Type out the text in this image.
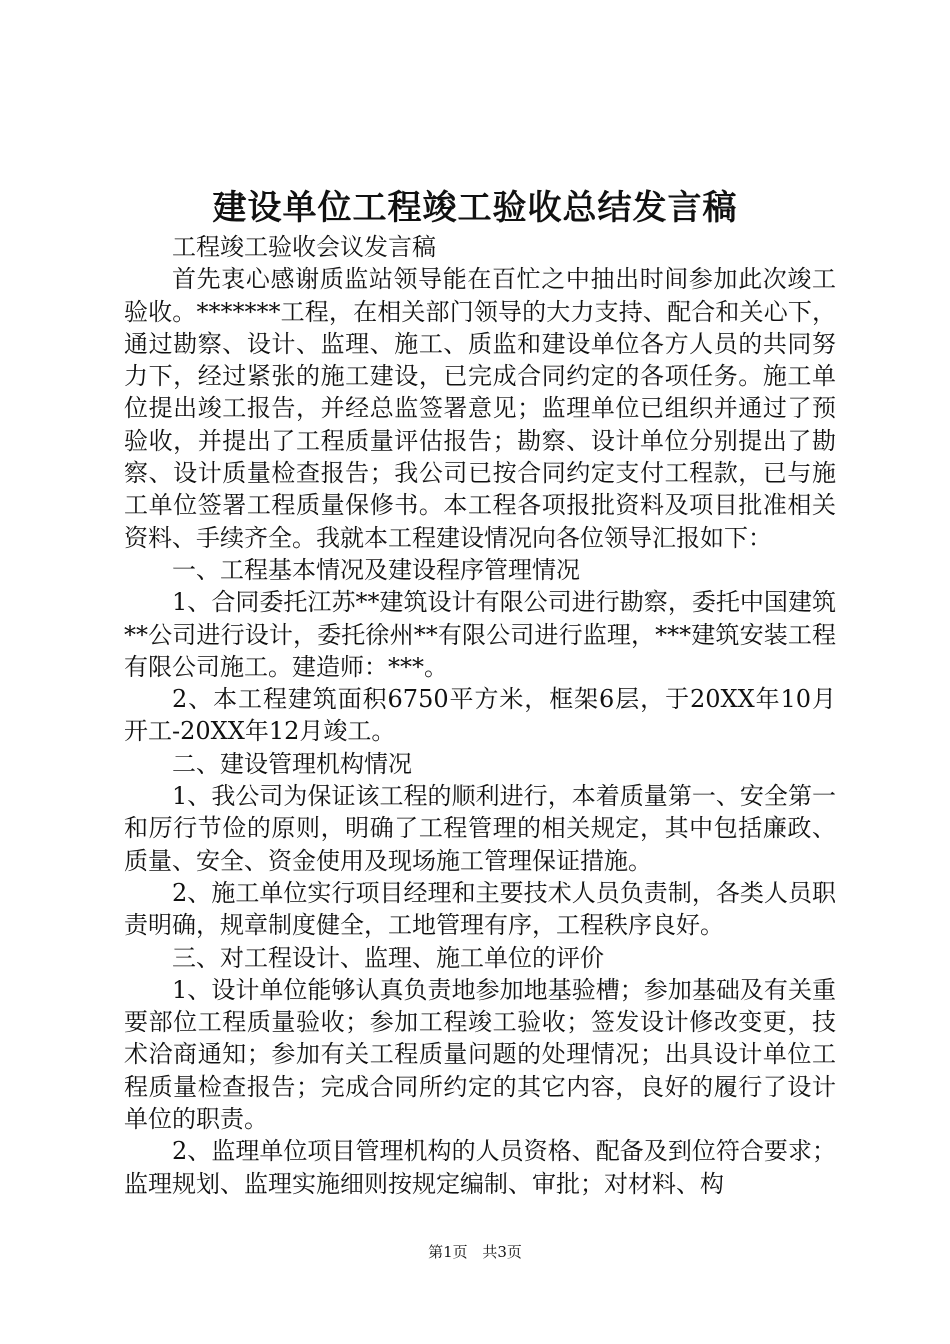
建设单位工程竣工验收总结发言稿

工程竣工验收会议发言稿

首先衷心感谢质监站领导能在百忙之中抽出时间参加此次竣工验收。*******工程，在相关部门领导的大力支持、配合和关心下，通过勘察、设计、监理、施工、质监和建设单位各方人员的共同努力下，经过紧张的施工建设，已完成合同约定的各项任务。施工单位提出竣工报告，并经总监签署意见；监理单位已组织并通过了预验收，并提出了工程质量评估报告；勘察、设计单位分别提出了勘察、设计质量检查报告；我公司已按合同约定支付工程款，已与施工单位签署工程质量保修书。本工程各项报批资料及项目批准相关资料、手续齐全。我就本工程建设情况向各位领导汇报如下：

一、工程基本情况及建设程序管理情况

1、合同委托江苏**建筑设计有限公司进行勘察，委托中国建筑**公司进行设计，委托徐州**有限公司进行监理，***建筑安装工程有限公司施工。建造师：***。

2、本工程建筑面积6750平方米，框架6层，于20XX年10月开工-20XX年12月竣工。

二、建设管理机构情况

1、我公司为保证该工程的顺利进行，本着质量第一、安全第一和厉行节俭的原则，明确了工程管理的相关规定，其中包括廉政、质量、安全、资金使用及现场施工管理保证措施。

2、施工单位实行项目经理和主要技术人员负责制，各类人员职责明确，规章制度健全，工地管理有序，工程秩序良好。

三、对工程设计、监理、施工单位的评价

1、设计单位能够认真负责地参加地基验槽；参加基础及有关重要部位工程质量验收；参加工程竣工验收；签发设计修改变更，技术洽商通知；参加有关工程质量问题的处理情况；出具设计单位工程质量检查报告；完成合同所约定的其它内容，良好的履行了设计单位的职责。

2、监理单位项目管理机构的人员资格、配备及到位符合要求；监理规划、监理实施细则按规定编制、审批；对材料、构

第1页 共3页
